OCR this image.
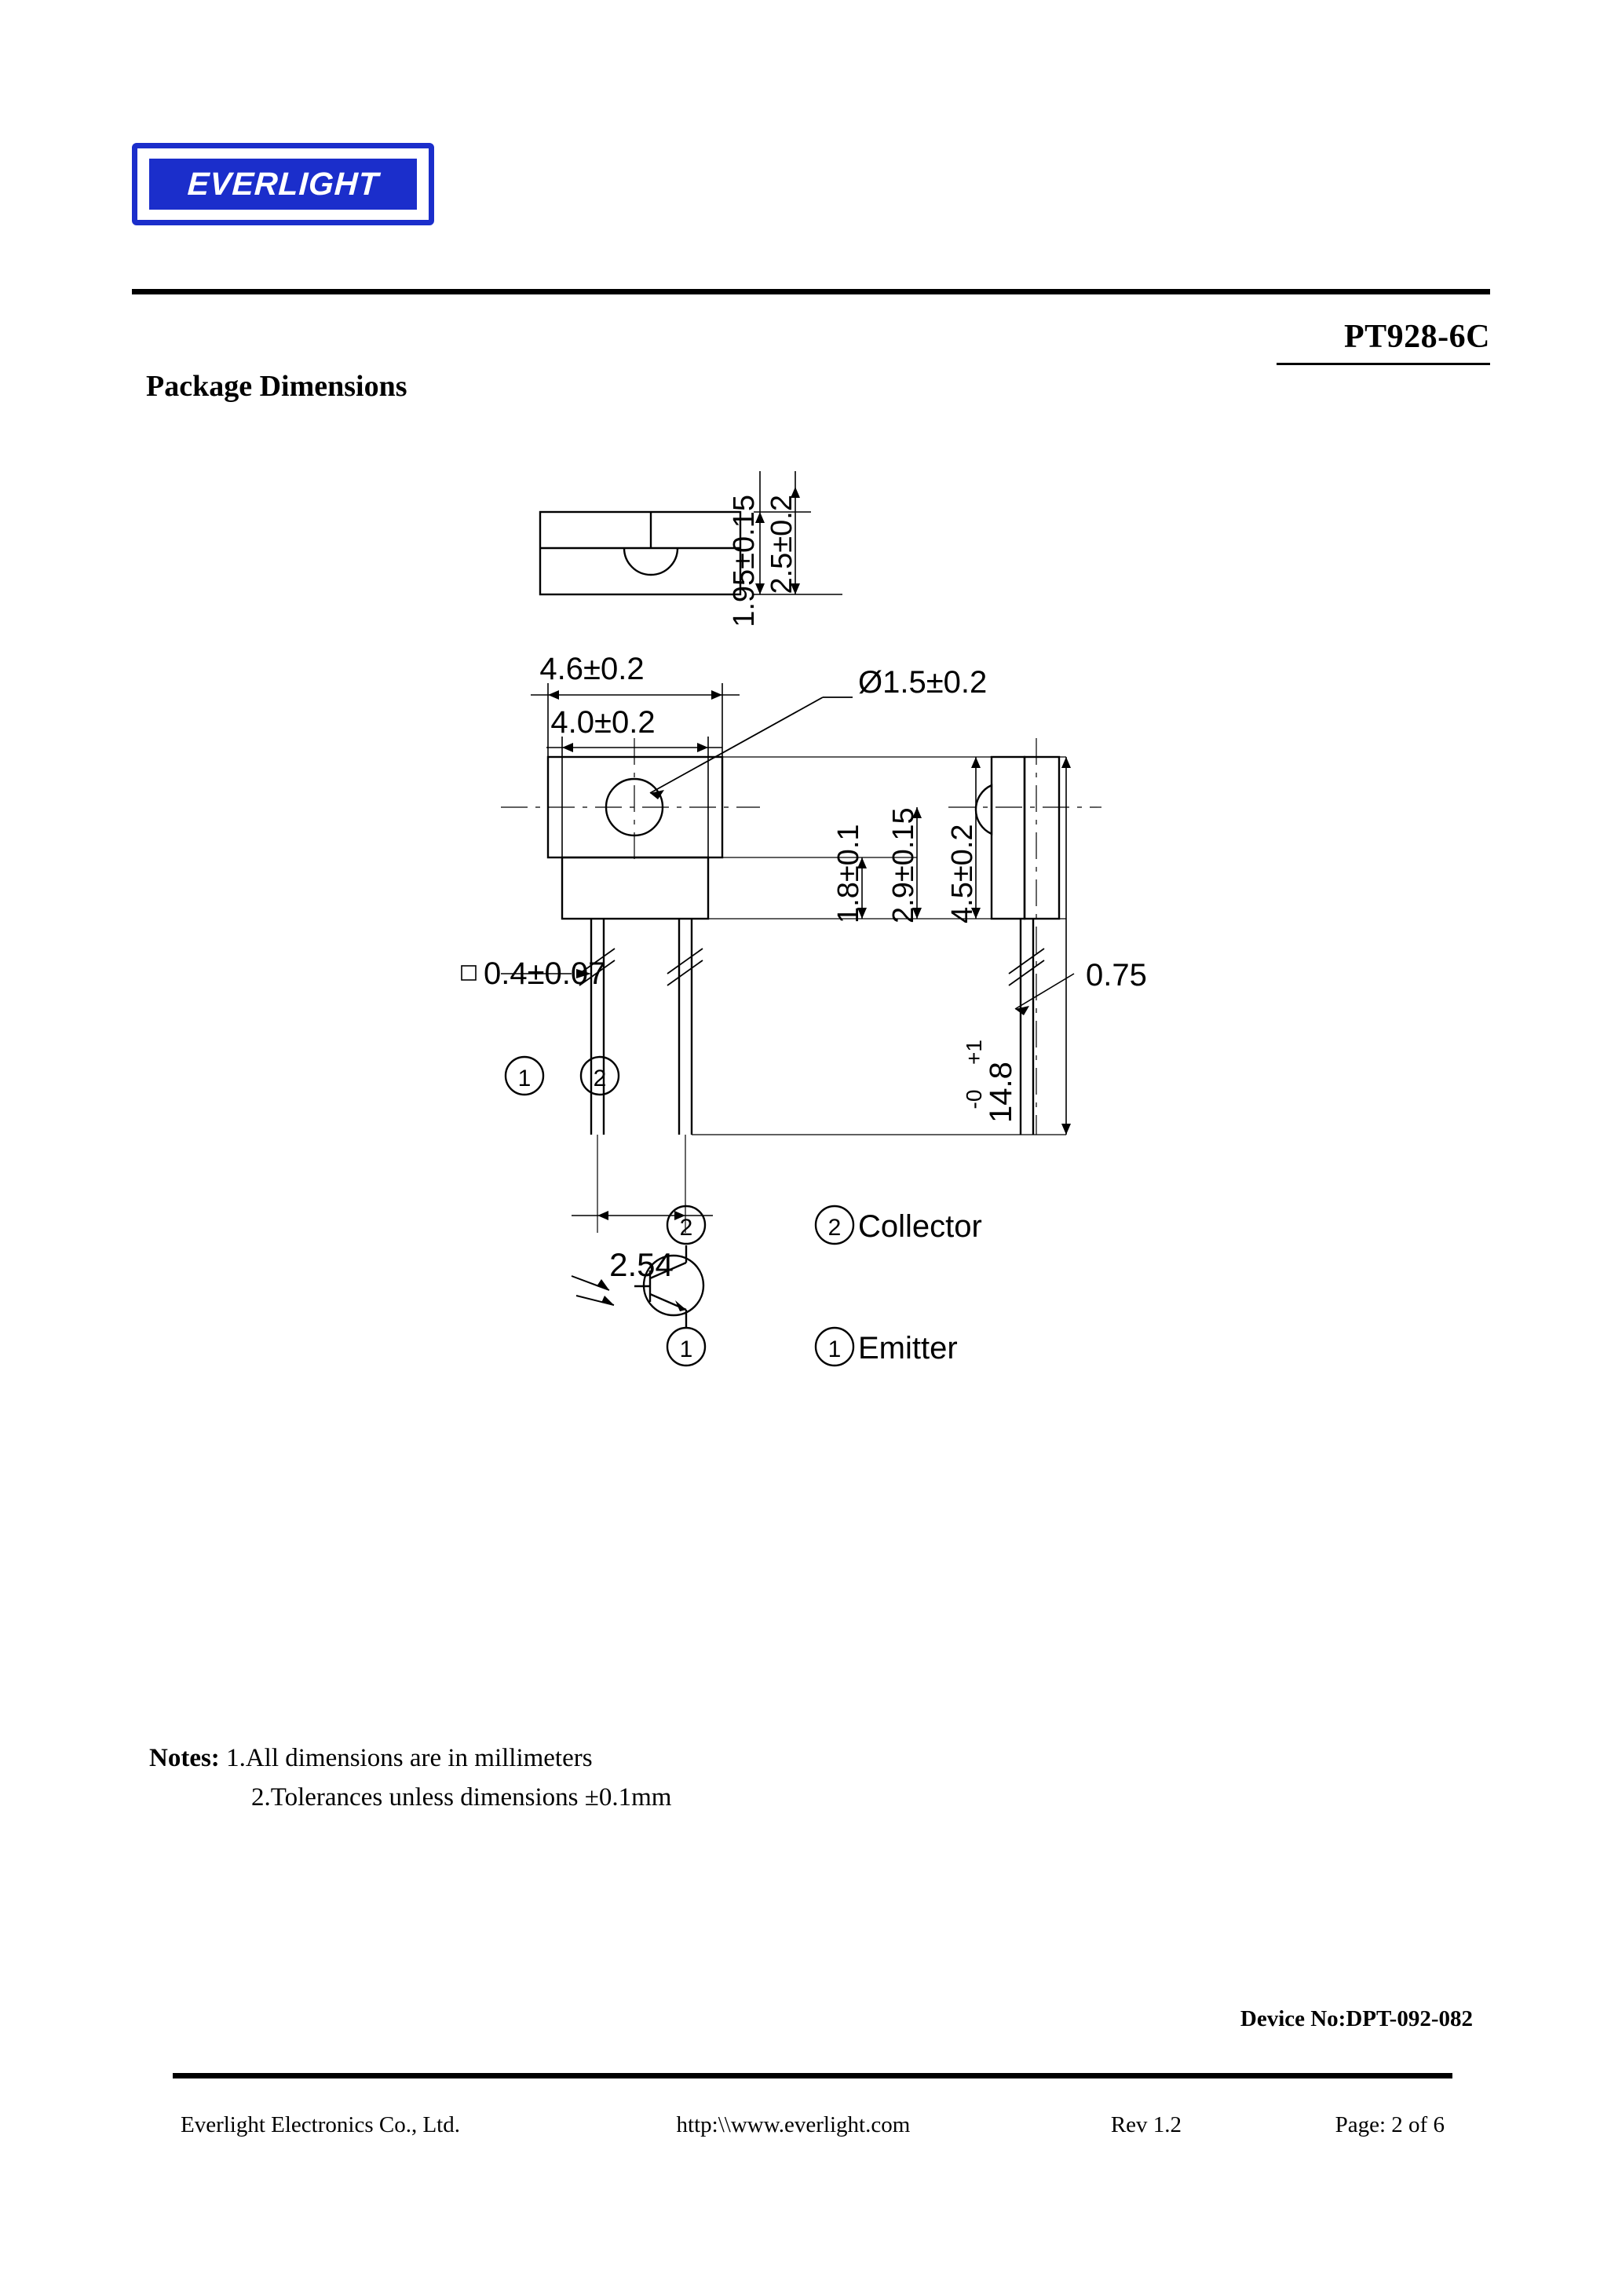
EVERLIGHT
PT928-6C
Package Dimensions
1.95±0.15 2.5±0.2
4.6±0.2
4.0±0.2
Ø1.5±0.2
1.8±0.1 2.9±0.15 4.5±0.2
14.8
+1
-0
0.4±0.07
2.54
1	2
0.75
2
1
2 Collector
1 Emitter
Notes: 1.All dimensions are in millimeters
2.Tolerances unless dimensions ±0.1mm
Device No:DPT-092-082
Everlight Electronics Co., Ltd.	http:\\www.everlight.com	Rev 1.2	Page: 2 of 6
